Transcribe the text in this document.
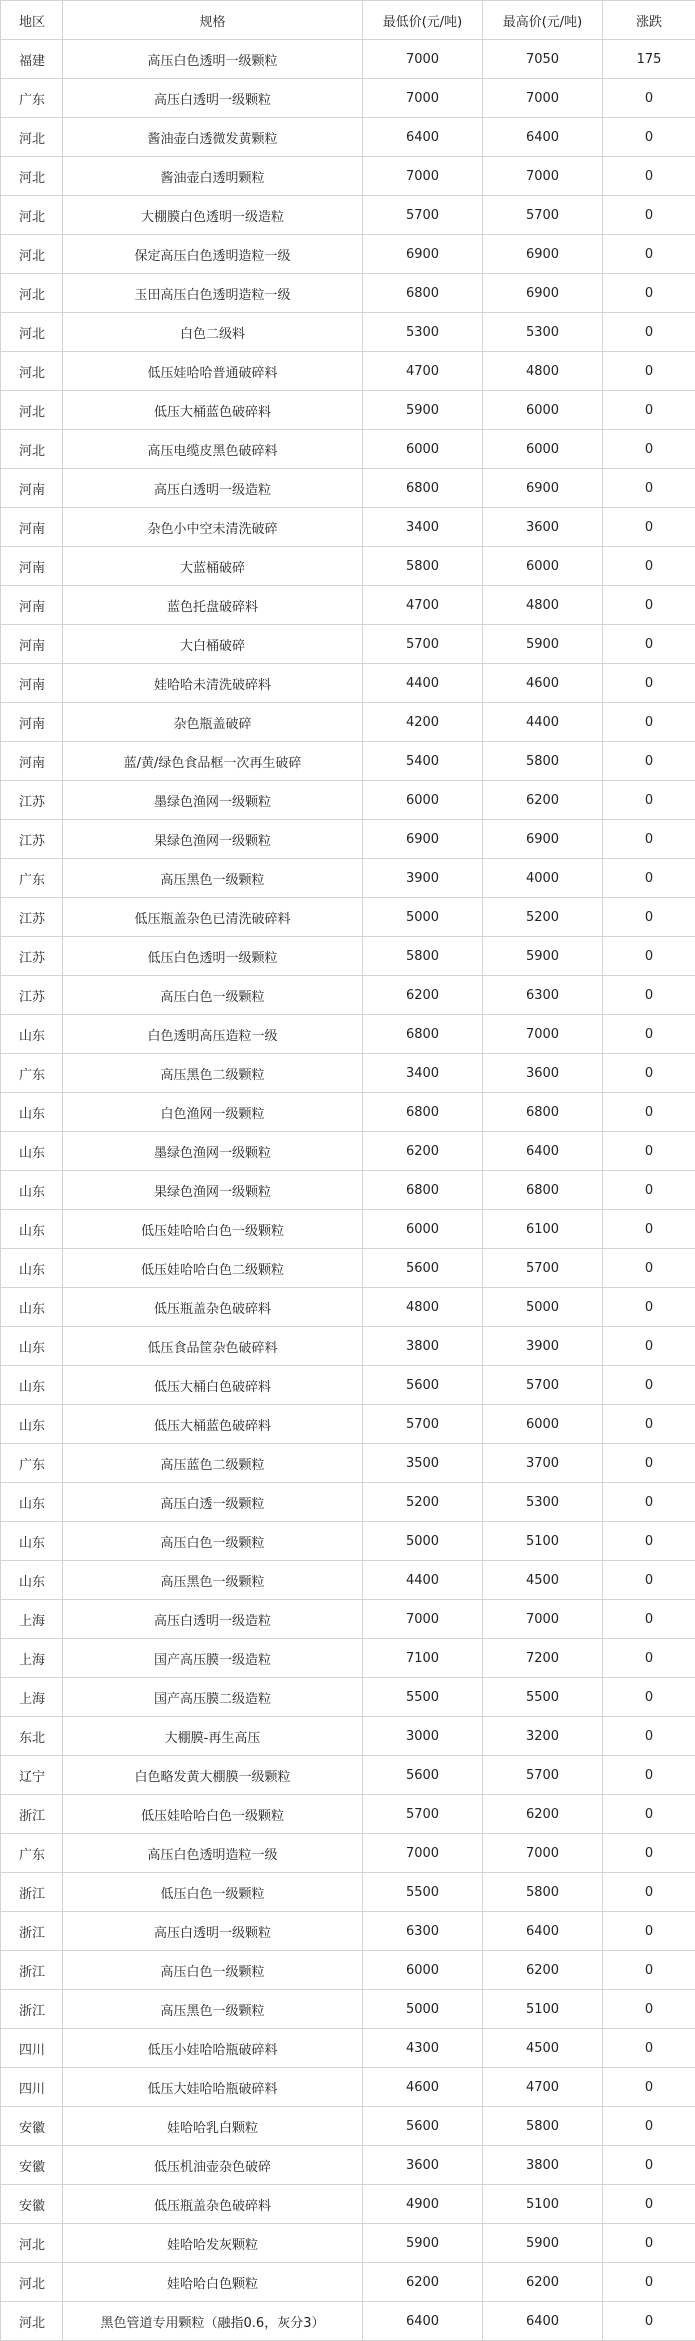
地区	规格	最低价(元/吨)	最高价(元/吨)	涨跌
福建	高压白色透明一级颗粒	7000	7050	175
广东	高压白透明一级颗粒	7000	7000	0
河北	酱油壶白透微发黄颗粒	6400	6400	0
河北	酱油壶白透明颗粒	7000	7000	0
河北	大棚膜白色透明一级造粒	5700	5700	0
河北	保定高压白色透明造粒一级	6900	6900	0
河北	玉田高压白色透明造粒一级	6800	6900	0
河北	白色二级料	5300	5300	0
河北	低压娃哈哈普通破碎料	4700	4800	0
河北	低压大桶蓝色破碎料	5900	6000	0
河北	高压电缆皮黑色破碎料	6000	6000	0
河南	高压白透明一级造粒	6800	6900	0
河南	杂色小中空未清洗破碎	3400	3600	0
河南	大蓝桶破碎	5800	6000	0
河南	蓝色托盘破碎料	4700	4800	0
河南	大白桶破碎	5700	5900	0
河南	娃哈哈未清洗破碎料	4400	4600	0
河南	杂色瓶盖破碎	4200	4400	0
河南	蓝/黄/绿色食品框一次再生破碎	5400	5800	0
江苏	墨绿色渔网一级颗粒	6000	6200	0
江苏	果绿色渔网一级颗粒	6900	6900	0
广东	高压黑色一级颗粒	3900	4000	0
江苏	低压瓶盖杂色已清洗破碎料	5000	5200	0
江苏	低压白色透明一级颗粒	5800	5900	0
江苏	高压白色一级颗粒	6200	6300	0
山东	白色透明高压造粒一级	6800	7000	0
广东	高压黑色二级颗粒	3400	3600	0
山东	白色渔网一级颗粒	6800	6800	0
山东	墨绿色渔网一级颗粒	6200	6400	0
山东	果绿色渔网一级颗粒	6800	6800	0
山东	低压娃哈哈白色一级颗粒	6000	6100	0
山东	低压娃哈哈白色二级颗粒	5600	5700	0
山东	低压瓶盖杂色破碎料	4800	5000	0
山东	低压食品筐杂色破碎料	3800	3900	0
山东	低压大桶白色破碎料	5600	5700	0
山东	低压大桶蓝色破碎料	5700	6000	0
广东	高压蓝色二级颗粒	3500	3700	0
山东	高压白透一级颗粒	5200	5300	0
山东	高压白色一级颗粒	5000	5100	0
山东	高压黑色一级颗粒	4400	4500	0
上海	高压白透明一级造粒	7000	7000	0
上海	国产高压膜一级造粒	7100	7200	0
上海	国产高压膜二级造粒	5500	5500	0
东北	大棚膜-再生高压	3000	3200	0
辽宁	白色略发黄大棚膜一级颗粒	5600	5700	0
浙江	低压娃哈哈白色一级颗粒	5700	6200	0
广东	高压白色透明造粒一级	7000	7000	0
浙江	低压白色一级颗粒	5500	5800	0
浙江	高压白透明一级颗粒	6300	6400	0
浙江	高压白色一级颗粒	6000	6200	0
浙江	高压黑色一级颗粒	5000	5100	0
四川	低压小娃哈哈瓶破碎料	4300	4500	0
四川	低压大娃哈哈瓶破碎料	4600	4700	0
安徽	娃哈哈乳白颗粒	5600	5800	0
安徽	低压机油壶杂色破碎	3600	3800	0
安徽	低压瓶盖杂色破碎料	4900	5100	0
河北	娃哈哈发灰颗粒	5900	5900	0
河北	娃哈哈白色颗粒	6200	6200	0
河北	黑色管道专用颗粒（融指0.6，灰分3）	6400	6400	0
